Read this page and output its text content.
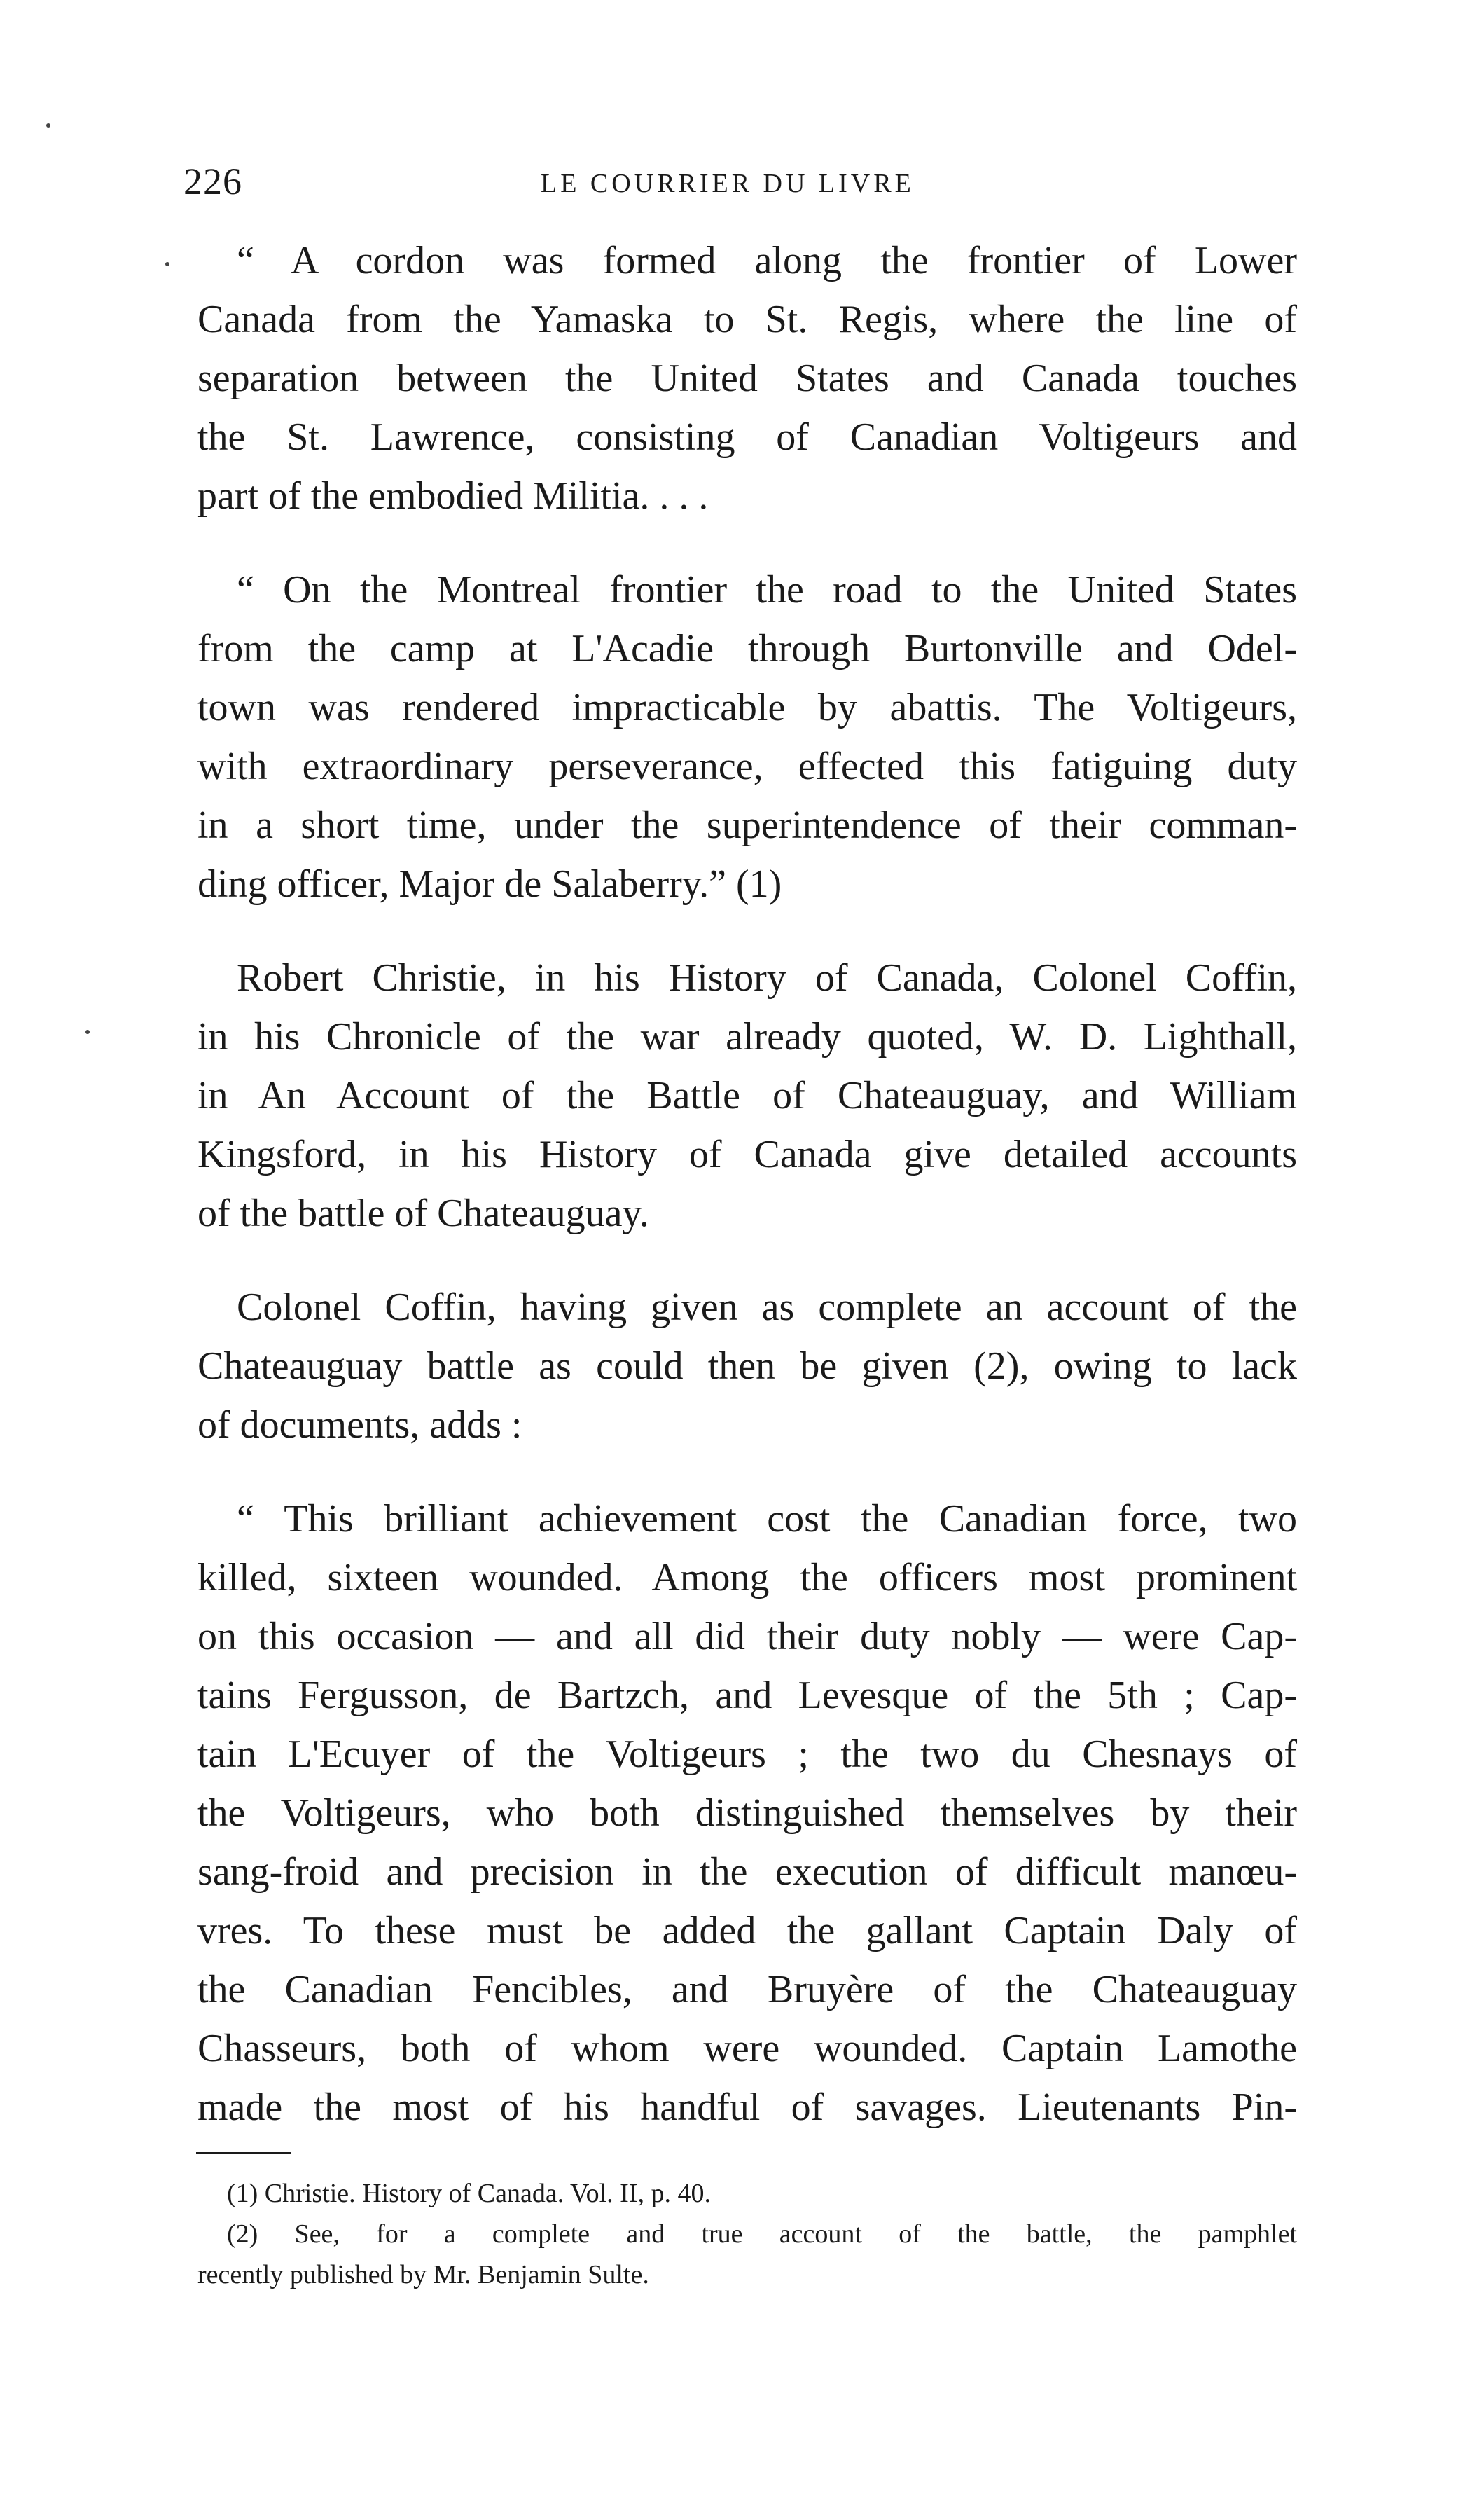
226	LE COURRIER DU LIVRE

“ A cordon was formed along the frontier of Lower
Canada from the Yamaska to St. Regis, where the line of
separation between the United States and Canada touches
the St. Lawrence, consisting of Canadian Voltigeurs and
part of the embodied Militia. . . .

“ On the Montreal frontier the road to the United States
from the camp at L'Acadie through Burtonville and Odel-
town was rendered impracticable by abattis. The Voltigeurs,
with extraordinary perseverance, effected this fatiguing duty
in a short time, under the superintendence of their comman-
ding officer, Major de Salaberry.” (1)

Robert Christie, in his History of Canada, Colonel Coffin,
in his Chronicle of the war already quoted, W. D. Lighthall,
in An Account of the Battle of Chateauguay, and William
Kingsford, in his History of Canada give detailed accounts
of the battle of Chateauguay.

Colonel Coffin, having given as complete an account of the
Chateauguay battle as could then be given (2), owing to lack
of documents, adds :

“ This brilliant achievement cost the Canadian force, two
killed, sixteen wounded. Among the officers most prominent
on this occasion — and all did their duty nobly — were Cap-
tains Fergusson, de Bartzch, and Levesque of the 5th ; Cap-
tain L'Ecuyer of the Voltigeurs ; the two du Chesnays of
the Voltigeurs, who both distinguished themselves by their
sang-froid and precision in the execution of difficult manœu-
vres. To these must be added the gallant Captain Daly of
the Canadian Fencibles, and Bruyère of the Chateauguay
Chasseurs, both of whom were wounded. Captain Lamothe
made the most of his handful of savages. Lieutenants Pin-

(1) Christie. History of Canada. Vol. II, p. 40.
(2) See, for a complete and true account of the battle, the pamphlet
recently published by Mr. Benjamin Sulte.
